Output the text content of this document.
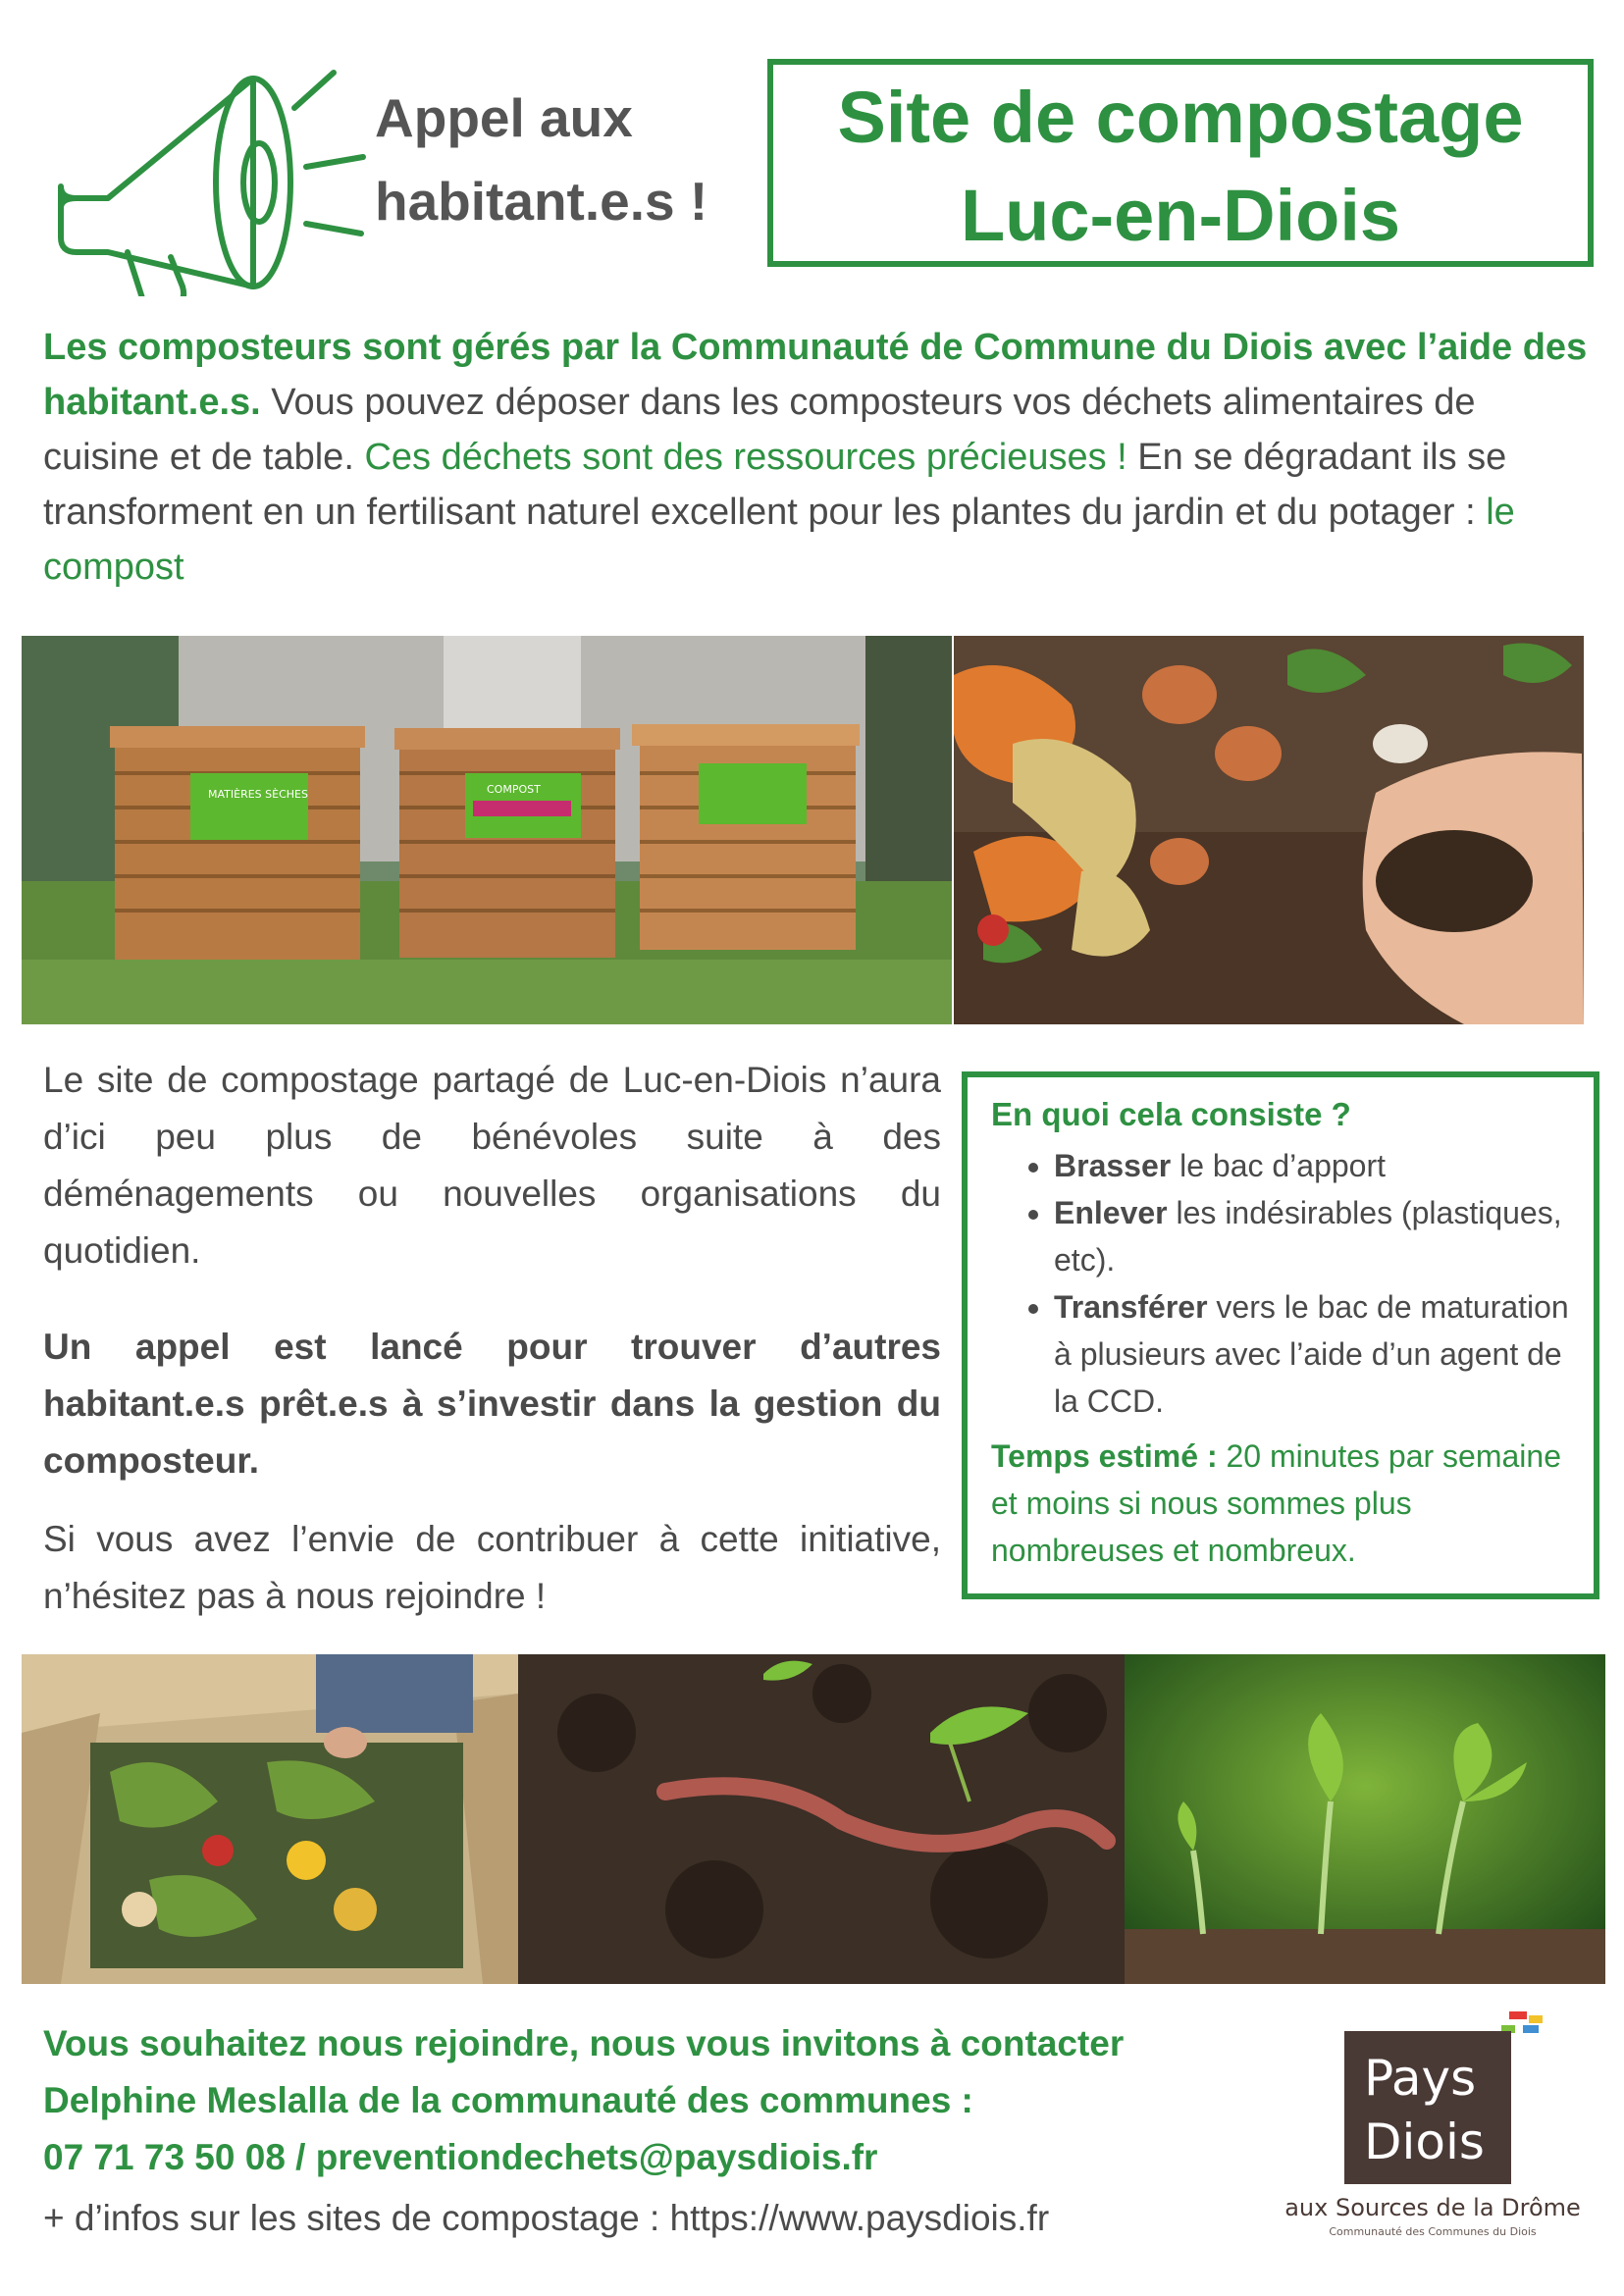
Appel aux
habitant.e.s !
Site de compostage
Luc-en-Diois
Les composteurs sont gérés par la Communauté de Commune du Diois avec l’aide des habitant.e.s. Vous pouvez déposer dans les composteurs vos déchets alimentaires de cuisine et de table. Ces déchets sont des ressources précieuses ! En se dégradant ils se transforment en un fertilisant naturel excellent pour les plantes du jardin et du potager : le compost
MATIÈRES SÈCHES	COMPOST

Le site de compostage partagé de Luc-en-Diois n’aura d’ici peu plus de bénévoles suite à des déménagements ou nouvelles organisations du quotidien.

Un appel est lancé pour trouver d’autres habitant.e.s prêt.e.s à s’investir dans la gestion du composteur.

Si vous avez l’envie de contribuer à cette initiative, n’hésitez pas à nous rejoindre !

En quoi cela consiste ?
• Brasser le bac d’apport
• Enlever les indésirables (plastiques, etc).
• Transférer vers le bac de maturation à plusieurs avec l’aide d’un agent de la CCD.
Temps estimé : 20 minutes par semaine et moins si nous sommes plus nombreuses et nombreux.
Vous souhaitez nous rejoindre, nous vous invitons à contacter
Delphine Meslalla de la communauté des communes :
07 71 73 50 08 / preventiondechets@paysdiois.fr
+ d’infos sur les sites de compostage : https://www.paysdiois.fr
Pays
Diois
aux Sources de la Drôme
Communauté des Communes du Diois
